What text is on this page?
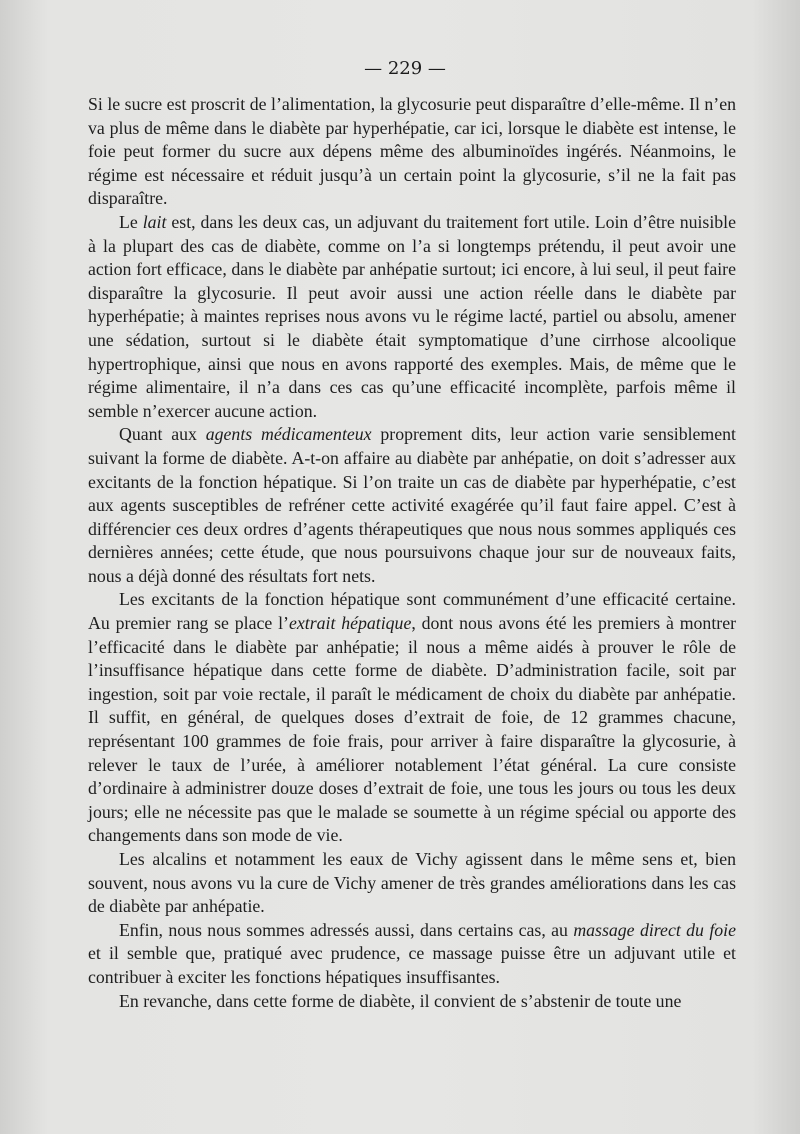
— 229 —

Si le sucre est proscrit de l’alimentation, la glycosurie peut disparaître d’elle-même. Il n’en va plus de même dans le diabète par hyperhépatie, car ici, lorsque le diabète est intense, le foie peut former du sucre aux dépens même des albuminoïdes ingérés. Néanmoins, le régime est nécessaire et réduit jusqu’à un certain point la glycosurie, s’il ne la fait pas disparaître.

Le lait est, dans les deux cas, un adjuvant du traitement fort utile. Loin d’être nuisible à la plupart des cas de diabète, comme on l’a si longtemps prétendu, il peut avoir une action fort efficace, dans le diabète par anhépatie surtout; ici encore, à lui seul, il peut faire disparaître la glycosurie. Il peut avoir aussi une action réelle dans le diabète par hyperhépatie; à maintes reprises nous avons vu le régime lacté, partiel ou absolu, amener une sédation, surtout si le diabète était symptomatique d’une cirrhose alcoolique hypertrophique, ainsi que nous en avons rapporté des exemples. Mais, de même que le régime alimentaire, il n’a dans ces cas qu’une efficacité incomplète, parfois même il semble n’exercer aucune action.

Quant aux agents médicamenteux proprement dits, leur action varie sensiblement suivant la forme de diabète. A-t-on affaire au diabète par anhépatie, on doit s’adresser aux excitants de la fonction hépatique. Si l’on traite un cas de diabète par hyperhépatie, c’est aux agents susceptibles de refréner cette activité exagérée qu’il faut faire appel. C’est à différencier ces deux ordres d’agents thérapeutiques que nous nous sommes appliqués ces dernières années; cette étude, que nous poursuivons chaque jour sur de nouveaux faits, nous a déjà donné des résultats fort nets.

Les excitants de la fonction hépatique sont communément d’une efficacité certaine. Au premier rang se place l’extrait hépatique, dont nous avons été les premiers à montrer l’efficacité dans le diabète par anhépatie; il nous a même aidés à prouver le rôle de l’insuffisance hépatique dans cette forme de diabète. D’administration facile, soit par ingestion, soit par voie rectale, il paraît le médicament de choix du diabète par anhépatie. Il suffit, en général, de quelques doses d’extrait de foie, de 12 grammes chacune, représentant 100 grammes de foie frais, pour arriver à faire disparaître la glycosurie, à relever le taux de l’urée, à améliorer notablement l’état général. La cure consiste d’ordinaire à administrer douze doses d’extrait de foie, une tous les jours ou tous les deux jours; elle ne nécessite pas que le malade se soumette à un régime spécial ou apporte des changements dans son mode de vie.

Les alcalins et notamment les eaux de Vichy agissent dans le même sens et, bien souvent, nous avons vu la cure de Vichy amener de très grandes améliorations dans les cas de diabète par anhépatie.

Enfin, nous nous sommes adressés aussi, dans certains cas, au massage direct du foie et il semble que, pratiqué avec prudence, ce massage puisse être un adjuvant utile et contribuer à exciter les fonctions hépatiques insuffisantes.

En revanche, dans cette forme de diabète, il convient de s’abstenir de toute une
